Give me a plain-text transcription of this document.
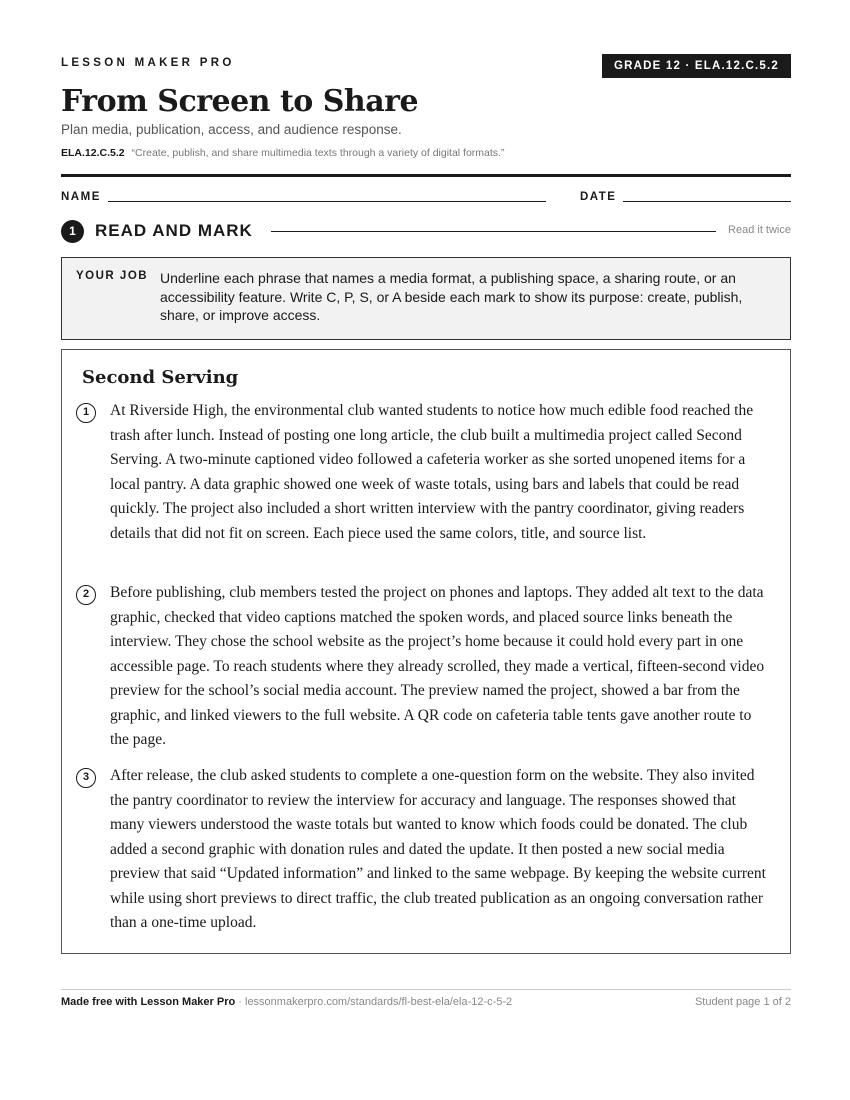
LESSON MAKER PRO	GRADE 12 · ELA.12.C.5.2
From Screen to Share
Plan media, publication, access, and audience response.
ELA.12.C.5.2 “Create, publish, and share multimedia texts through a variety of digital formats.”
NAME	DATE
1	READ AND MARK	Read it twice
YOUR JOB Underline each phrase that names a media format, a publishing space, a sharing route, or an accessibility feature. Write C, P, S, or A beside each mark to show its purpose: create, publish, share, or improve access.
Second Serving
1	At Riverside High, the environmental club wanted students to notice how much edible food reached the trash after lunch. Instead of posting one long article, the club built a multimedia project called Second Serving. A two-minute captioned video followed a cafeteria worker as she sorted unopened items for a local pantry. A data graphic showed one week of waste totals, using bars and labels that could be read quickly. The project also included a short written interview with the pantry coordinator, giving readers details that did not fit on screen. Each piece used the same colors, title, and source list.

2	Before publishing, club members tested the project on phones and laptops. They added alt text to the data graphic, checked that video captions matched the spoken words, and placed source links beneath the interview. They chose the school website as the project’s home because it could hold every part in one accessible page. To reach students where they already scrolled, they made a vertical, fifteen-second video preview for the school’s social media account. The preview named the project, showed a bar from the graphic, and linked viewers to the full website. A QR code on cafeteria table tents gave another route to the page.

3	After release, the club asked students to complete a one-question form on the website. They also invited the pantry coordinator to review the interview for accuracy and language. The responses showed that many viewers understood the waste totals but wanted to know which foods could be donated. The club added a second graphic with donation rules and dated the update. It then posted a new social media preview that said “Updated information” and linked to the same webpage. By keeping the website current while using short previews to direct traffic, the club treated publication as an ongoing conversation rather than a one-time upload.

Made free with Lesson Maker Pro · lessonmakerpro.com/standards/fl-best-ela/ela-12-c-5-2	Student page 1 of 2
